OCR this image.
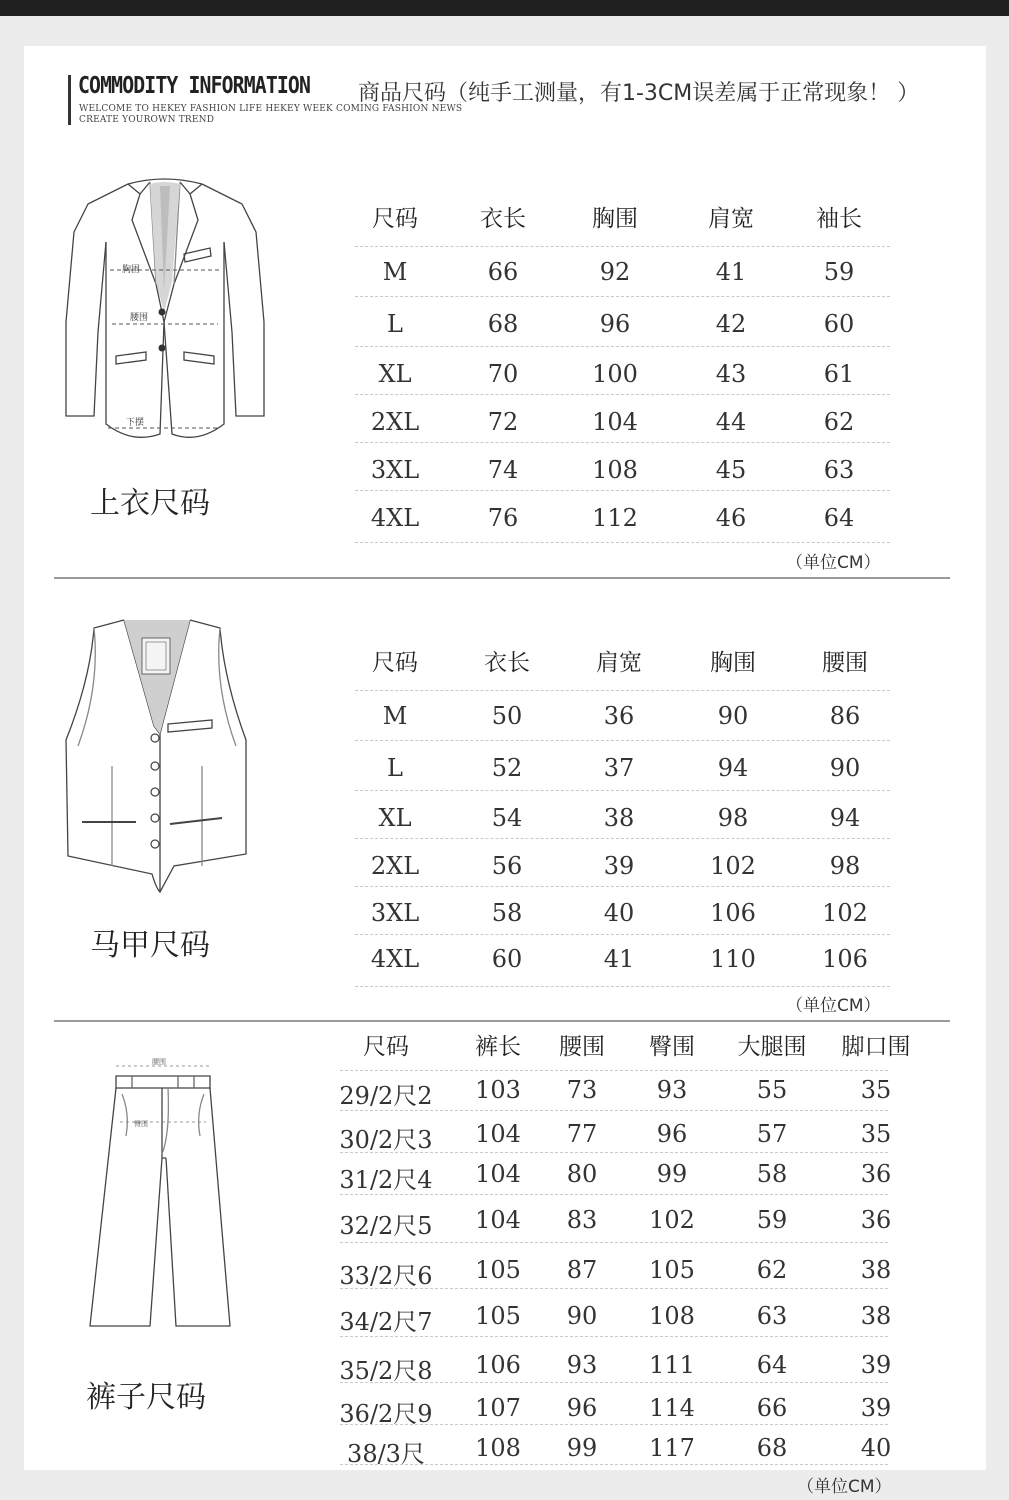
COMMODITY INFORMATION 商品尺码（纯手工测量，有1-3CM误差属于正常现象！ ）
WELCOME TO HEKEY FASHION LIFE HEKEY WEEK COMING FASHION NEWS
CREATE YOUROWN TREND
胸围
腰围
下摆
上衣尺码
尺码	衣长	胸围	肩宽	袖长
M	66	92	41	59
L	68	96	42	60
XL	70	100	43	61
2XL	72	104	44	62
3XL	74	108	45	63
4XL	76	112	46	64
（单位CM）
马甲尺码
尺码	衣长	肩宽	胸围	腰围
M	50	36	90	86
L	52	37	94	90
XL	54	38	98	94
2XL	56	39	102	98
3XL	58	40	106	102
4XL	60	41	110	106
（单位CM）
腰围
臀围
裤子尺码
尺码	裤长 腰围 臀围 大腿围 脚口围
29/2尺2 103 73 93	55	35
30/2尺3 104 77 96	57	35
31/2尺4 104 80 99	58	36
32/2尺5 104 83 102	59	36
33/2尺6 105 87 105	62	38
34/2尺7 105 90 108	63	38
35/2尺8 106 93 111	64	39
36/2尺9 107 96 114	66	39
38/3尺 108 99 117	68	40
（单位CM）
